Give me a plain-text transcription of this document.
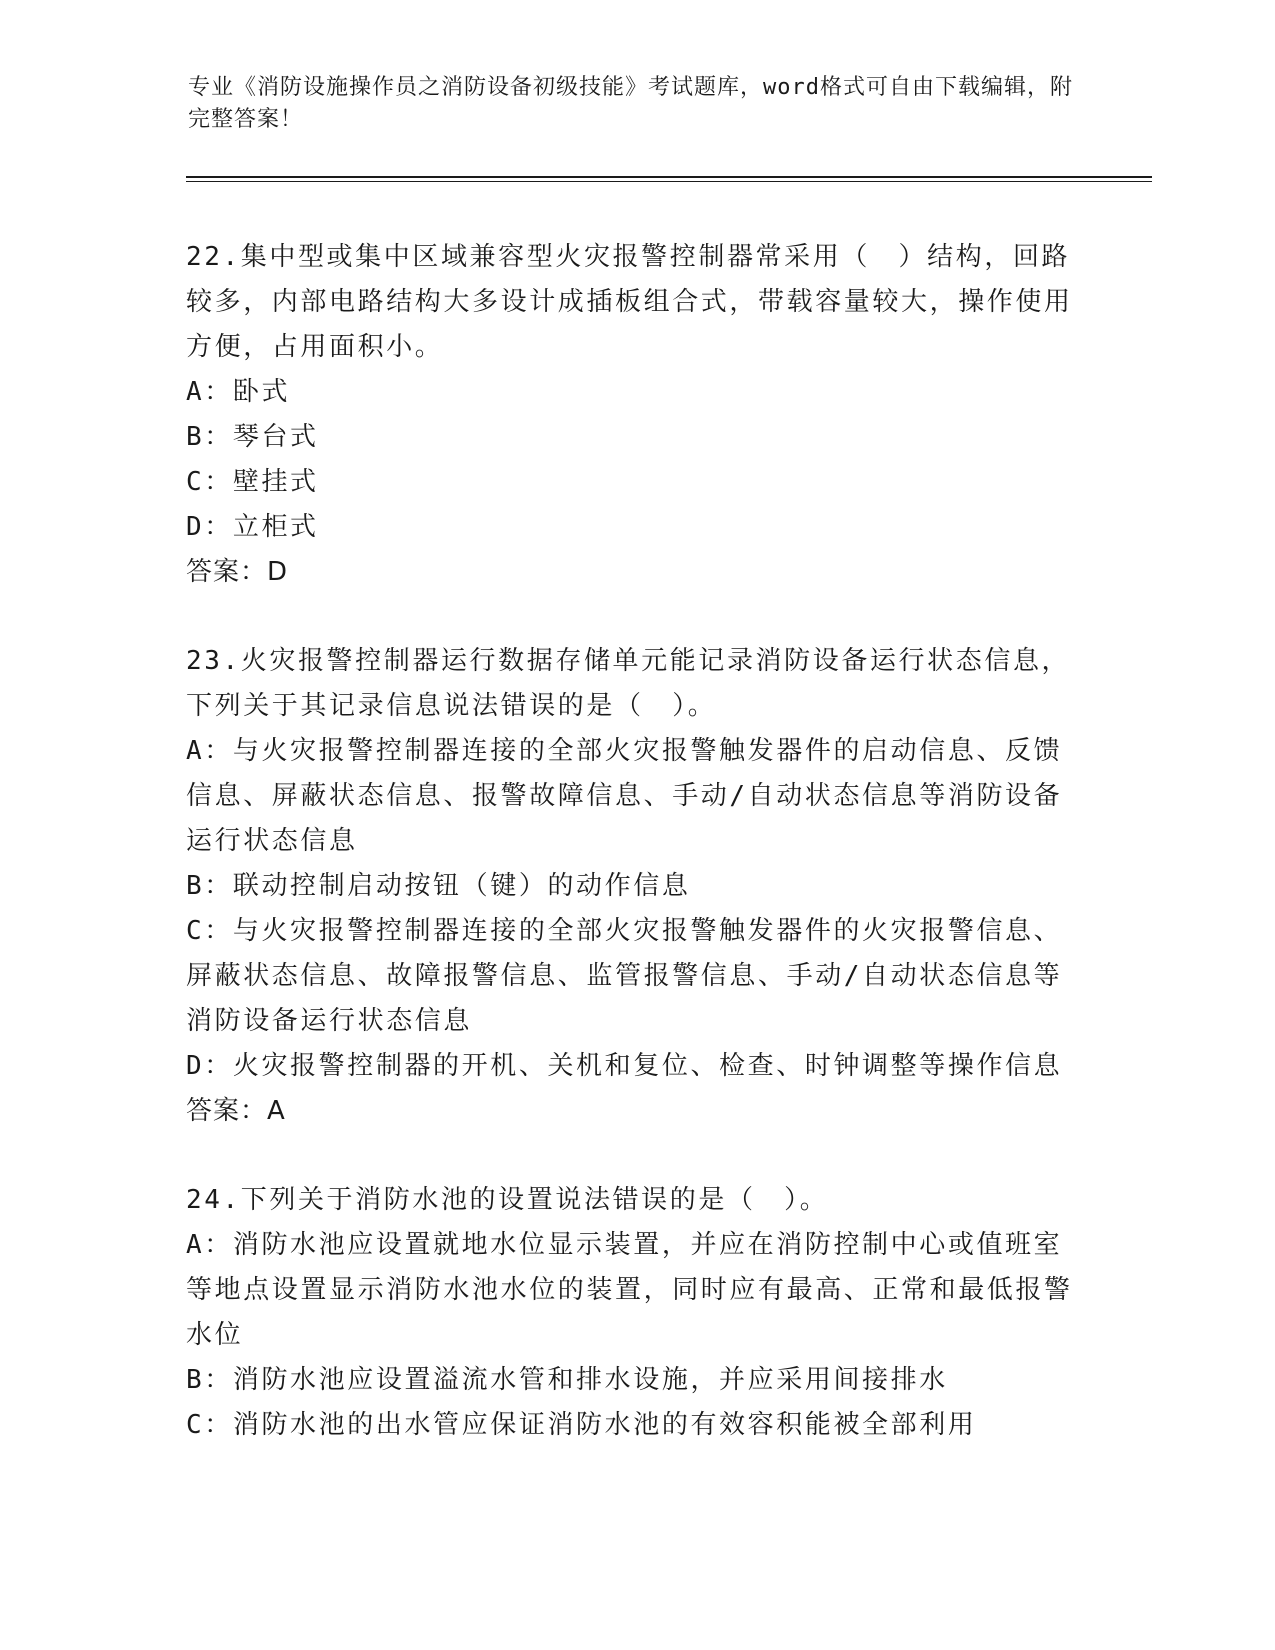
专业《消防设施操作员之消防设备初级技能》考试题库，word格式可自由下载编辑，附完整答案！
22.集中型或集中区域兼容型火灾报警控制器常采用（　）结构，回路较多，内部电路结构大多设计成插板组合式，带载容量较大，操作使用方便，占用面积小。
A：卧式
B：琴台式
C：壁挂式
D：立柜式
答案：D
23.火灾报警控制器运行数据存储单元能记录消防设备运行状态信息，下列关于其记录信息说法错误的是（　）。
A：与火灾报警控制器连接的全部火灾报警触发器件的启动信息、反馈信息、屏蔽状态信息、报警故障信息、手动/自动状态信息等消防设备运行状态信息
B：联动控制启动按钮（键）的动作信息
C：与火灾报警控制器连接的全部火灾报警触发器件的火灾报警信息、屏蔽状态信息、故障报警信息、监管报警信息、手动/自动状态信息等消防设备运行状态信息
D：火灾报警控制器的开机、关机和复位、检查、时钟调整等操作信息
答案：A
24.下列关于消防水池的设置说法错误的是（　）。
A：消防水池应设置就地水位显示装置，并应在消防控制中心或值班室等地点设置显示消防水池水位的装置，同时应有最高、正常和最低报警水位
B：消防水池应设置溢流水管和排水设施，并应采用间接排水
C：消防水池的出水管应保证消防水池的有效容积能被全部利用
